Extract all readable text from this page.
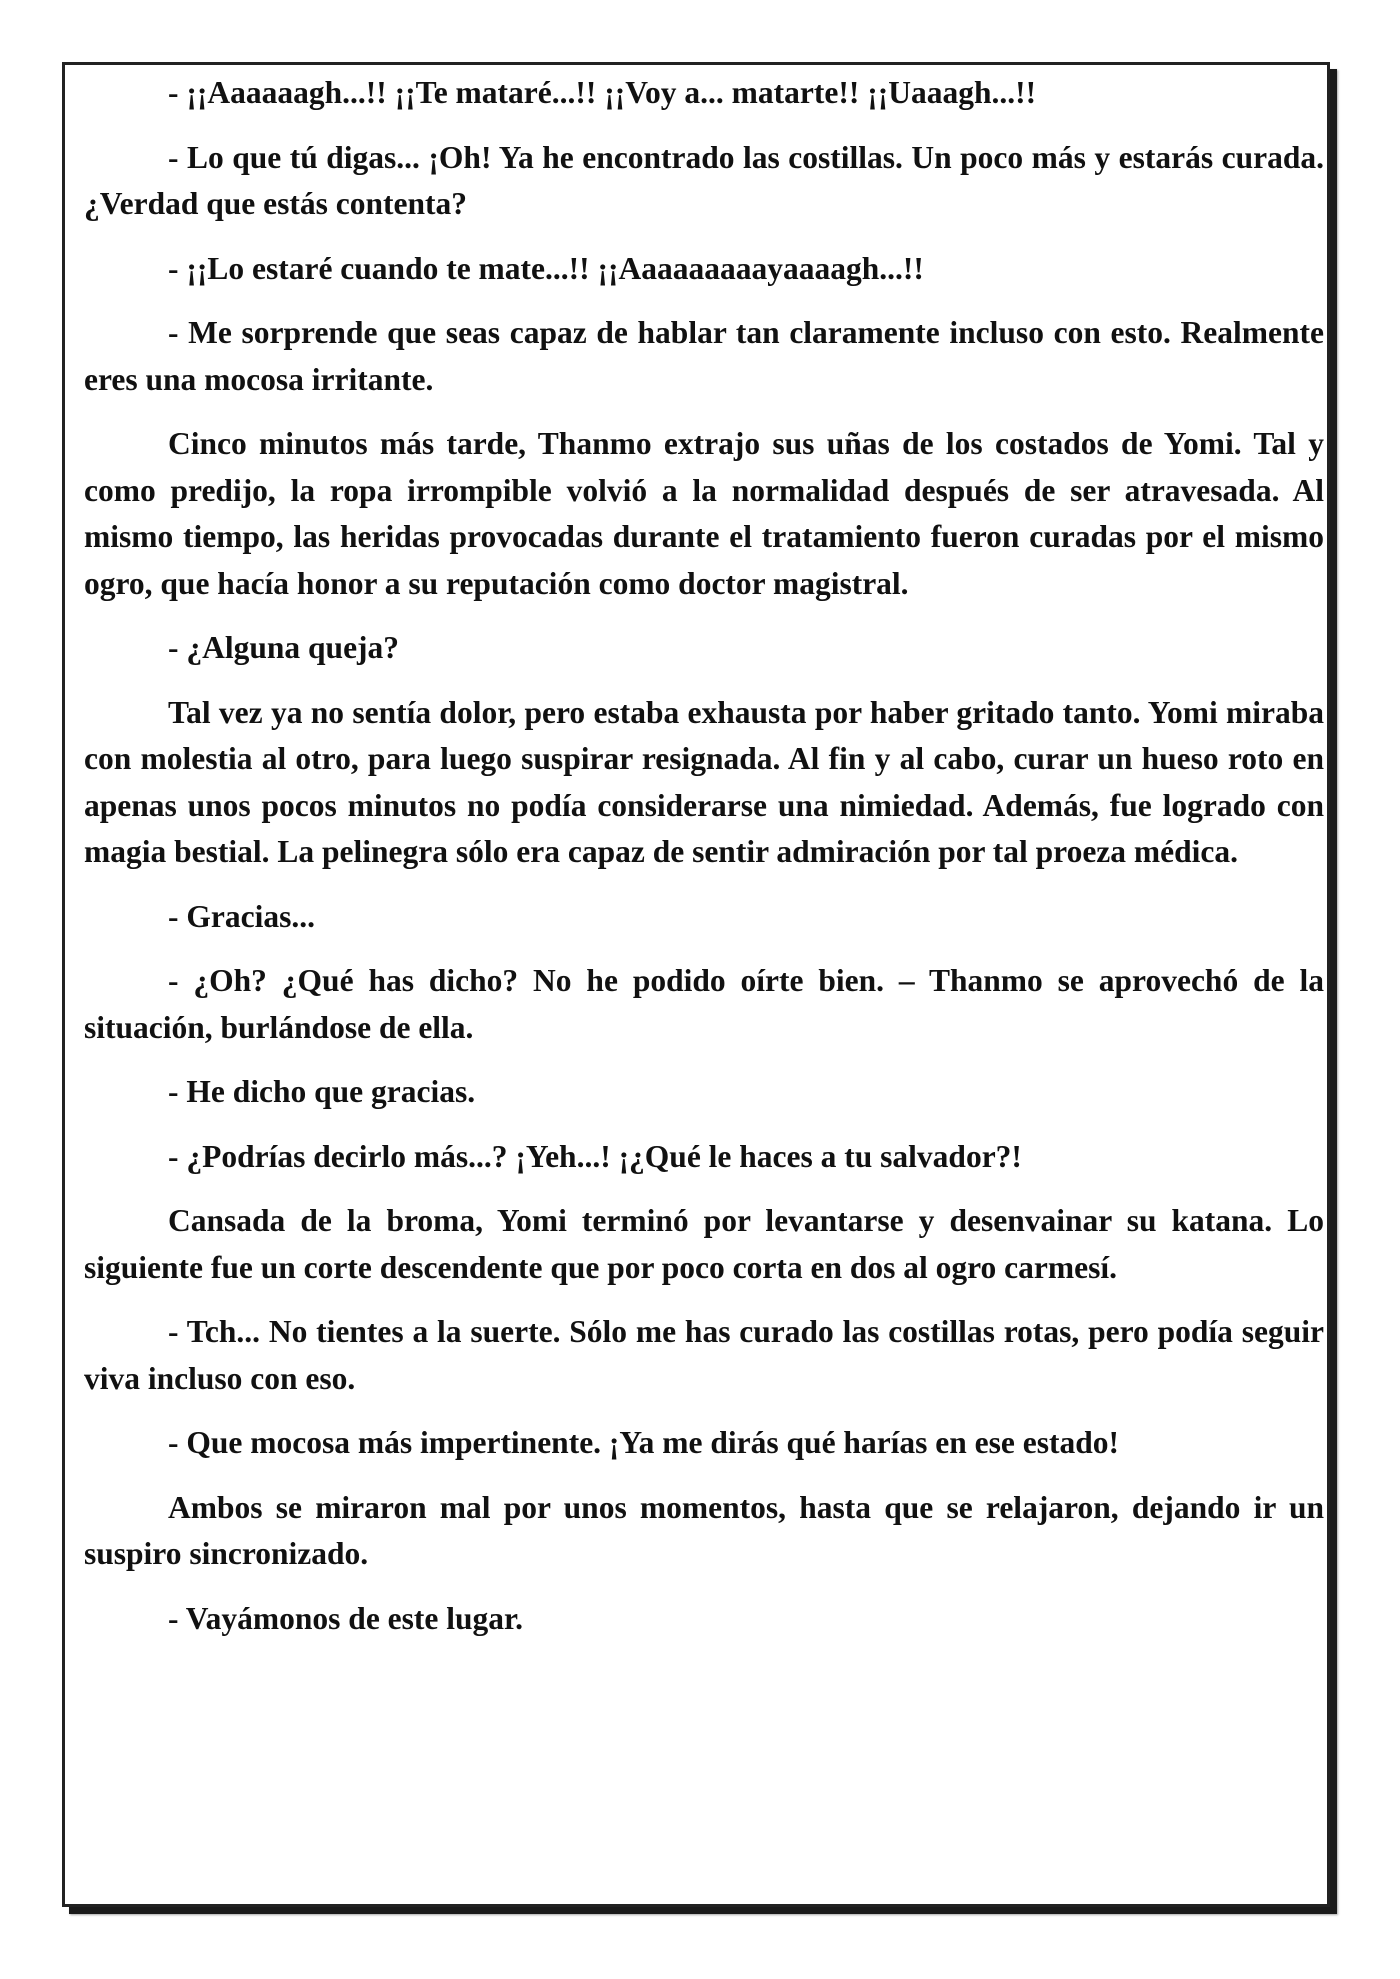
- ¡¡Aaaaaagh...!! ¡¡Te mataré...!! ¡¡Voy a... matarte!! ¡¡Uaaagh...!!

- Lo que tú digas... ¡Oh! Ya he encontrado las costillas. Un poco más y estarás curada. ¿Verdad que estás contenta?

- ¡¡Lo estaré cuando te mate...!! ¡¡Aaaaaaaaayaaaagh...!!

- Me sorprende que seas capaz de hablar tan claramente incluso con esto. Realmente eres una mocosa irritante.

Cinco minutos más tarde, Thanmo extrajo sus uñas de los costados de Yomi. Tal y como predijo, la ropa irrompible volvió a la normalidad después de ser atravesada. Al mismo tiempo, las heridas provocadas durante el tratamiento fueron curadas por el mismo ogro, que hacía honor a su reputación como doctor magistral.

- ¿Alguna queja?

Tal vez ya no sentía dolor, pero estaba exhausta por haber gritado tanto. Yomi miraba con molestia al otro, para luego suspirar resignada. Al fin y al cabo, curar un hueso roto en apenas unos pocos minutos no podía considerarse una nimiedad. Además, fue logrado con magia bestial. La pelinegra sólo era capaz de sentir admiración por tal proeza médica.

- Gracias...

- ¿Oh? ¿Qué has dicho? No he podido oírte bien. – Thanmo se aprovechó de la situación, burlándose de ella.

- He dicho que gracias.

- ¿Podrías decirlo más...? ¡Yeh...! ¡¿Qué le haces a tu salvador?!

Cansada de la broma, Yomi terminó por levantarse y desenvainar su katana. Lo siguiente fue un corte descendente que por poco corta en dos al ogro carmesí.

- Tch... No tientes a la suerte. Sólo me has curado las costillas rotas, pero podía seguir viva incluso con eso.

- Que mocosa más impertinente. ¡Ya me dirás qué harías en ese estado!

Ambos se miraron mal por unos momentos, hasta que se relajaron, dejando ir un suspiro sincronizado.

- Vayámonos de este lugar.
